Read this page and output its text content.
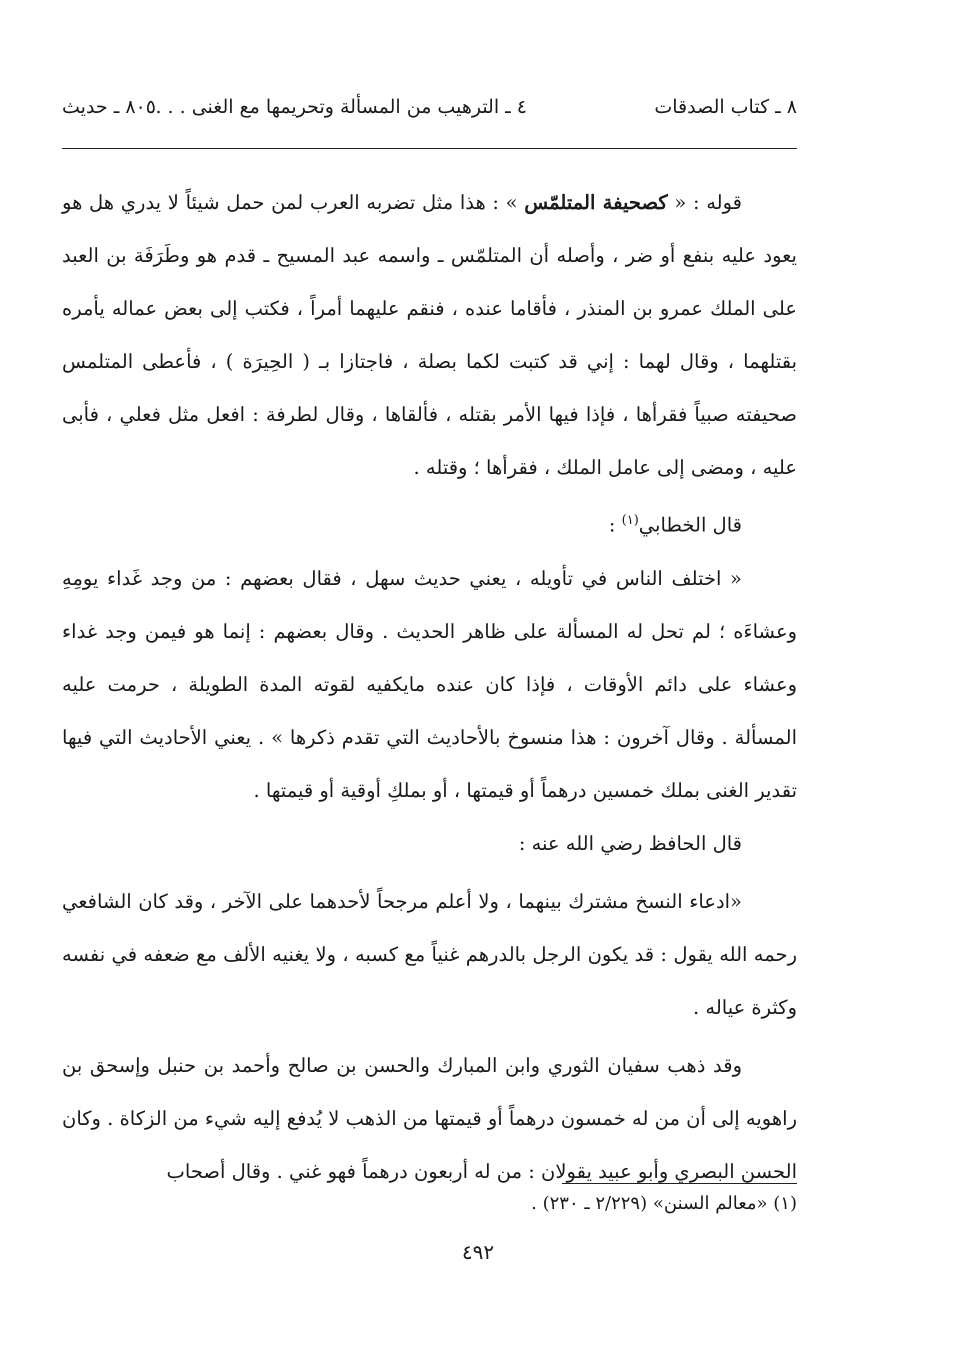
٨ ـ كتاب الصدقات
٤ ـ الترهيب من المسألة وتحريمها مع الغنى . . .
٨٠٥ ـ حديث

قوله : « كصحيفة المتلمّس » : هذا مثل تضربه العرب لمن حمل شيئاً لا يدري هل هو يعود عليه بنفع أو ضر ، وأصله أن المتلمّس ـ واسمه عبد المسيح ـ قدم هو وطَرَفَة بن العبد على الملك عمرو بن المنذر ، فأقاما عنده ، فنقم عليهما أمراً ، فكتب إلى بعض عماله يأمره بقتلهما ، وقال لهما : إني قد كتبت لكما بصلة ، فاجتازا بـ ( الحِيرَة ) ، فأعطى المتلمس صحيفته صبياً فقرأها ، فإذا فيها الأمر بقتله ، فألقاها ، وقال لطرفة : افعل مثل فعلي ، فأبى عليه ، ومضى إلى عامل الملك ، فقرأها ؛ وقتله .

قال الخطابي$^{(١)}$ :

« اختلف الناس في تأويله ، يعني حديث سهل ، فقال بعضهم : من وجد غَداء يومِهِ وعشاءَه ؛ لم تحل له المسألة على ظاهر الحديث . وقال بعضهم : إنما هو فيمن وجد غداء وعشاء على دائم الأوقات ، فإذا كان عنده مايكفيه لقوته المدة الطويلة ، حرمت عليه المسألة . وقال آخرون : هذا منسوخ بالأحاديث التي تقدم ذكرها » . يعني الأحاديث التي فيها تقدير الغنى بملك خمسين درهماً أو قيمتها ، أو بملكِ أوقية أو قيمتها .

قال الحافظ رضي الله عنه :

«ادعاء النسخ مشترك بينهما ، ولا أعلم مرجحاً لأحدهما على الآخر ، وقد كان الشافعي رحمه الله يقول : قد يكون الرجل بالدرهم غنياً مع كسبه ، ولا يغنيه الألف مع ضعفه في نفسه وكثرة عياله .

وقد ذهب سفيان الثوري وابن المبارك والحسن بن صالح وأحمد بن حنبل وإسحق بن راهويه إلى أن من له خمسون درهماً أو قيمتها من الذهب لا يُدفع إليه شيء من الزكاة . وكان الحسن البصري وأبو عبيد يقولان : من له أربعون درهماً فهو غني . وقال أصحاب

(١) «معالم السنن» (٢/٢٢٩ ـ ٢٣٠) .
٤٩٢
